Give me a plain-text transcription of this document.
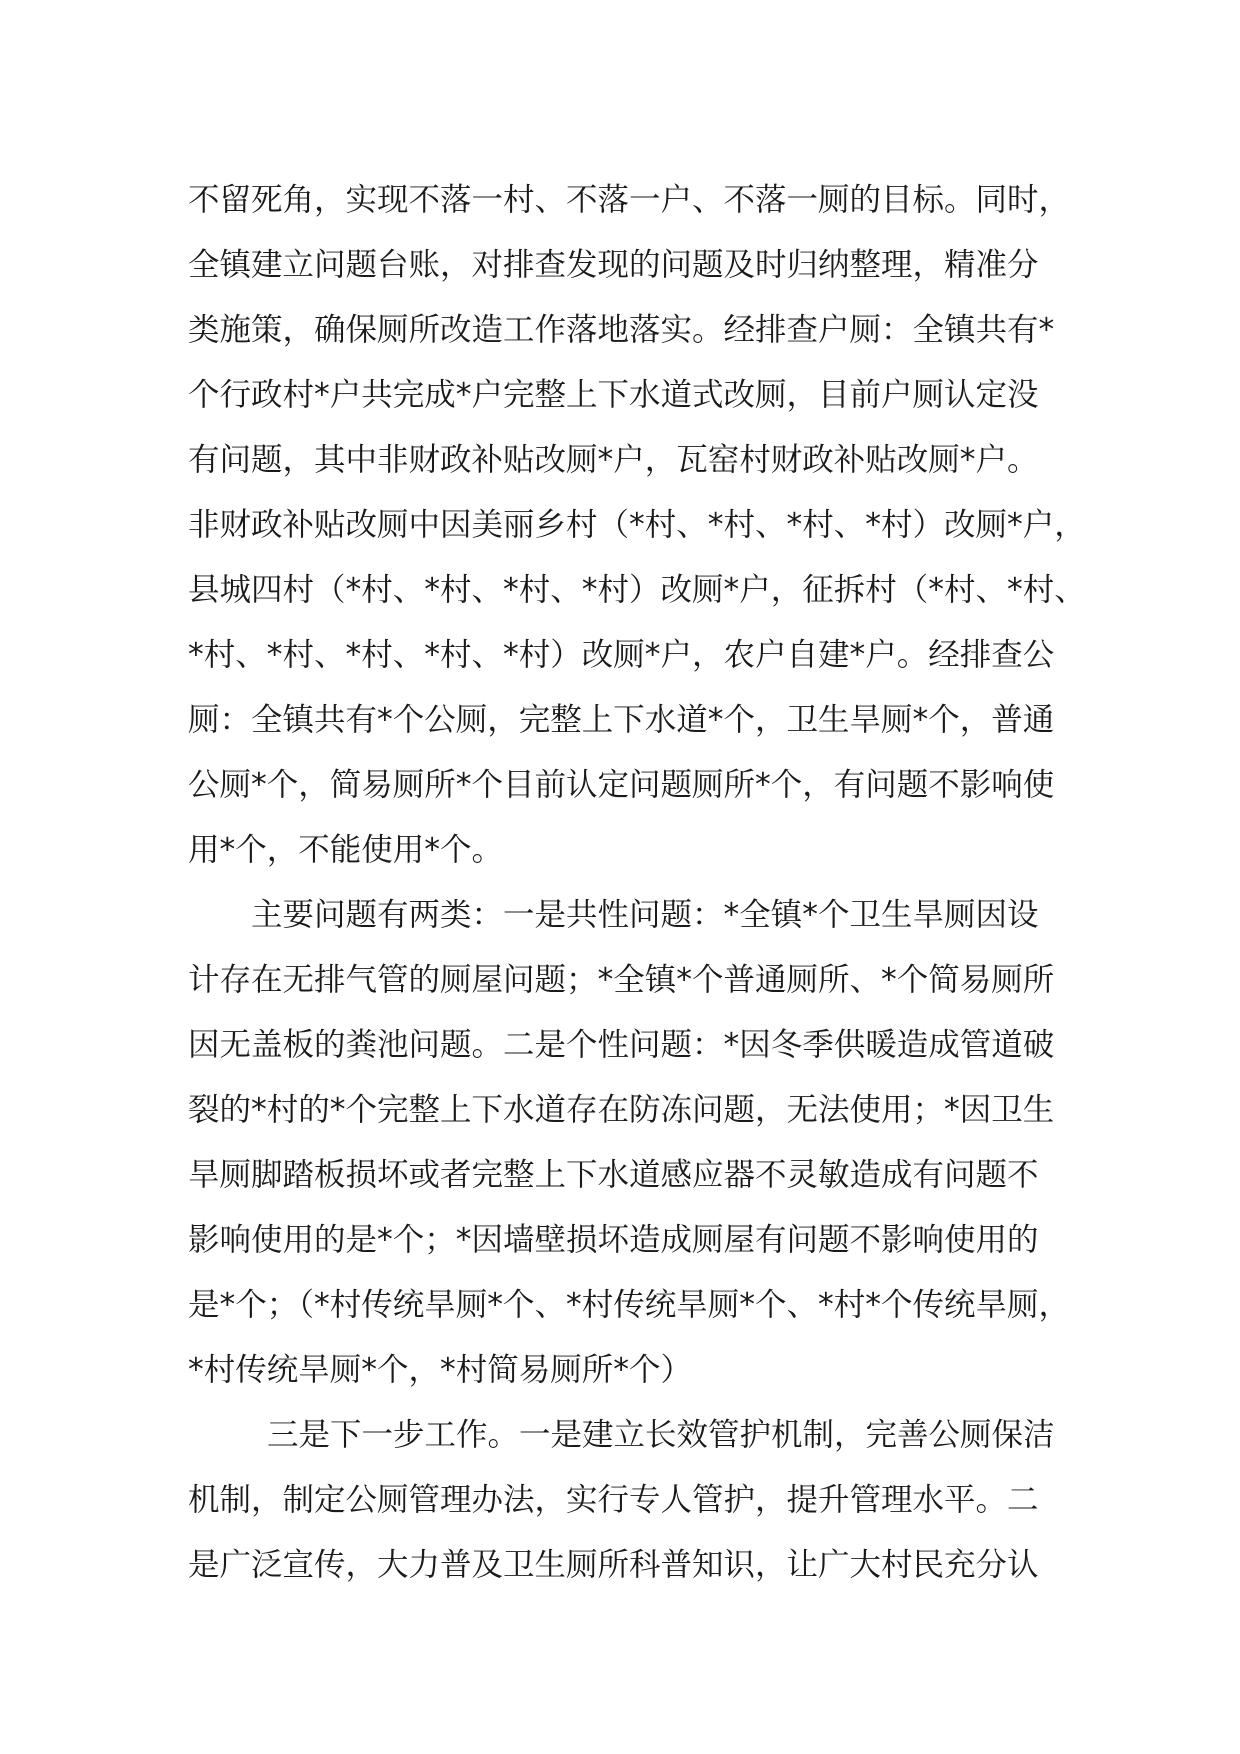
不留死角，实现不落一村、不落一户、不落一厕的目标。同时，
全镇建立问题台账，对排查发现的问题及时归纳整理，精准分
类施策，确保厕所改造工作落地落实。经排查户厕：全镇共有*
个行政村*户共完成*户完整上下水道式改厕，目前户厕认定没
有问题，其中非财政补贴改厕*户，瓦窑村财政补贴改厕*户。
非财政补贴改厕中因美丽乡村（*村、*村、*村、*村）改厕*户，
县城四村（*村、*村、*村、*村）改厕*户，征拆村（*村、*村、
*村、*村、*村、*村、*村）改厕*户，农户自建*户。经排查公
厕：全镇共有*个公厕，完整上下水道*个，卫生旱厕*个，普通
公厕*个，简易厕所*个目前认定问题厕所*个，有问题不影响使
用*个，不能使用*个。
主要问题有两类：一是共性问题：*全镇*个卫生旱厕因设
计存在无排气管的厕屋问题；*全镇*个普通厕所、*个简易厕所
因无盖板的粪池问题。二是个性问题：*因冬季供暖造成管道破
裂的*村的*个完整上下水道存在防冻问题，无法使用；*因卫生
旱厕脚踏板损坏或者完整上下水道感应器不灵敏造成有问题不
影响使用的是*个；*因墙壁损坏造成厕屋有问题不影响使用的
是*个；（*村传统旱厕*个、*村传统旱厕*个、*村*个传统旱厕，
*村传统旱厕*个，*村简易厕所*个）
三是下一步工作。一是建立长效管护机制，完善公厕保洁
机制，制定公厕管理办法，实行专人管护，提升管理水平。二
是广泛宣传，大力普及卫生厕所科普知识，让广大村民充分认
